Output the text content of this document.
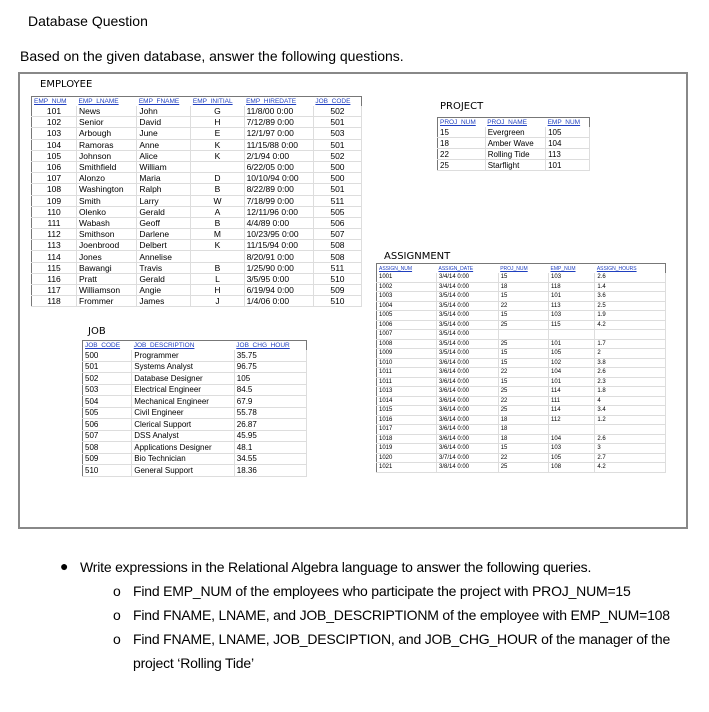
Database Question
Based on the given database, answer the following questions.
EMPLOYEE
EMP_NUM	EMP_LNAME	EMP_FNAME	EMP_INITIAL	EMP_HIREDATE	JOB_CODE
101	News	John	G	11/8/00 0:00	502
102	Senior	David	H	7/12/89 0:00	501
103	Arbough	June	E	12/1/97 0:00	503
104	Ramoras	Anne	K	11/15/88 0:00	501
105	Johnson	Alice	K	2/1/94 0:00	502
106	Smithfield	William		6/22/05 0:00	500
107	Alonzo	Maria	D	10/10/94 0:00	500
108	Washington	Ralph	B	8/22/89 0:00	501
109	Smith	Larry	W	7/18/99 0:00	511
110	Olenko	Gerald	A	12/11/96 0:00	505
111	Wabash	Geoff	B	4/4/89 0:00	506
112	Smithson	Darlene	M	10/23/95 0:00	507
113	Joenbrood	Delbert	K	11/15/94 0:00	508
114	Jones	Annelise		8/20/91 0:00	508
115	Bawangi	Travis	B	1/25/90 0:00	511
116	Pratt	Gerald	L	3/5/95 0:00	510
117	Williamson	Angie	H	6/19/94 0:00	509
118	Frommer	James	J	1/4/06 0:00	510
PROJECT
PROJ_NUM	PROJ_NAME	EMP_NUM
15	Evergreen	105
18	Amber Wave	104
22	Rolling Tide	113
25	Starflight	101
JOB
JOB_CODE	JOB_DESCRIPTION	JOB_CHG_HOUR
500	Programmer	35.75
501	Systems Analyst	96.75
502	Database Designer	105
503	Electrical Engineer	84.5
504	Mechanical Engineer	67.9
505	Civil Engineer	55.78
506	Clerical Support	26.87
507	DSS Analyst	45.95
508	Applications Designer	48.1
509	Bio Technician	34.55
510	General Support	18.36
ASSIGNMENT
ASSIGN_NUM	ASSIGN_DATE	PROJ_NUM	EMP_NUM	ASSIGN_HOURS
1001	3/4/14 0:00	15	103	2.6
1002	3/4/14 0:00	18	118	1.4
1003	3/5/14 0:00	15	101	3.6
1004	3/5/14 0:00	22	113	2.5
1005	3/5/14 0:00	15	103	1.9
1006	3/5/14 0:00	25	115	4.2
1007	3/5/14 0:00			
1008	3/5/14 0:00	25	101	1.7
1009	3/5/14 0:00	15	105	2
1010	3/6/14 0:00	15	102	3.8
1011	3/6/14 0:00	22	104	2.6
1011	3/6/14 0:00	15	101	2.3
1013	3/6/14 0:00	25	114	1.8
1014	3/6/14 0:00	22	111	4
1015	3/6/14 0:00	25	114	3.4
1016	3/6/14 0:00	18	112	1.2
1017	3/6/14 0:00	18		
1018	3/6/14 0:00	18	104	2.6
1019	3/6/14 0:00	15	103	3
1020	3/7/14 0:00	22	105	2.7
1021	3/8/14 0:00	25	108	4.2
● Write expressions in the Relational Algebra language to answer the following queries.
o Find EMP_NUM of the employees who participate the project with PROJ_NUM=15
o Find FNAME, LNAME, and JOB_DESCRIPTIONM of the employee with EMP_NUM=108
o Find FNAME, LNAME, JOB_DESCIPTION, and JOB_CHG_HOUR of the manager of the project ‘Rolling Tide’
